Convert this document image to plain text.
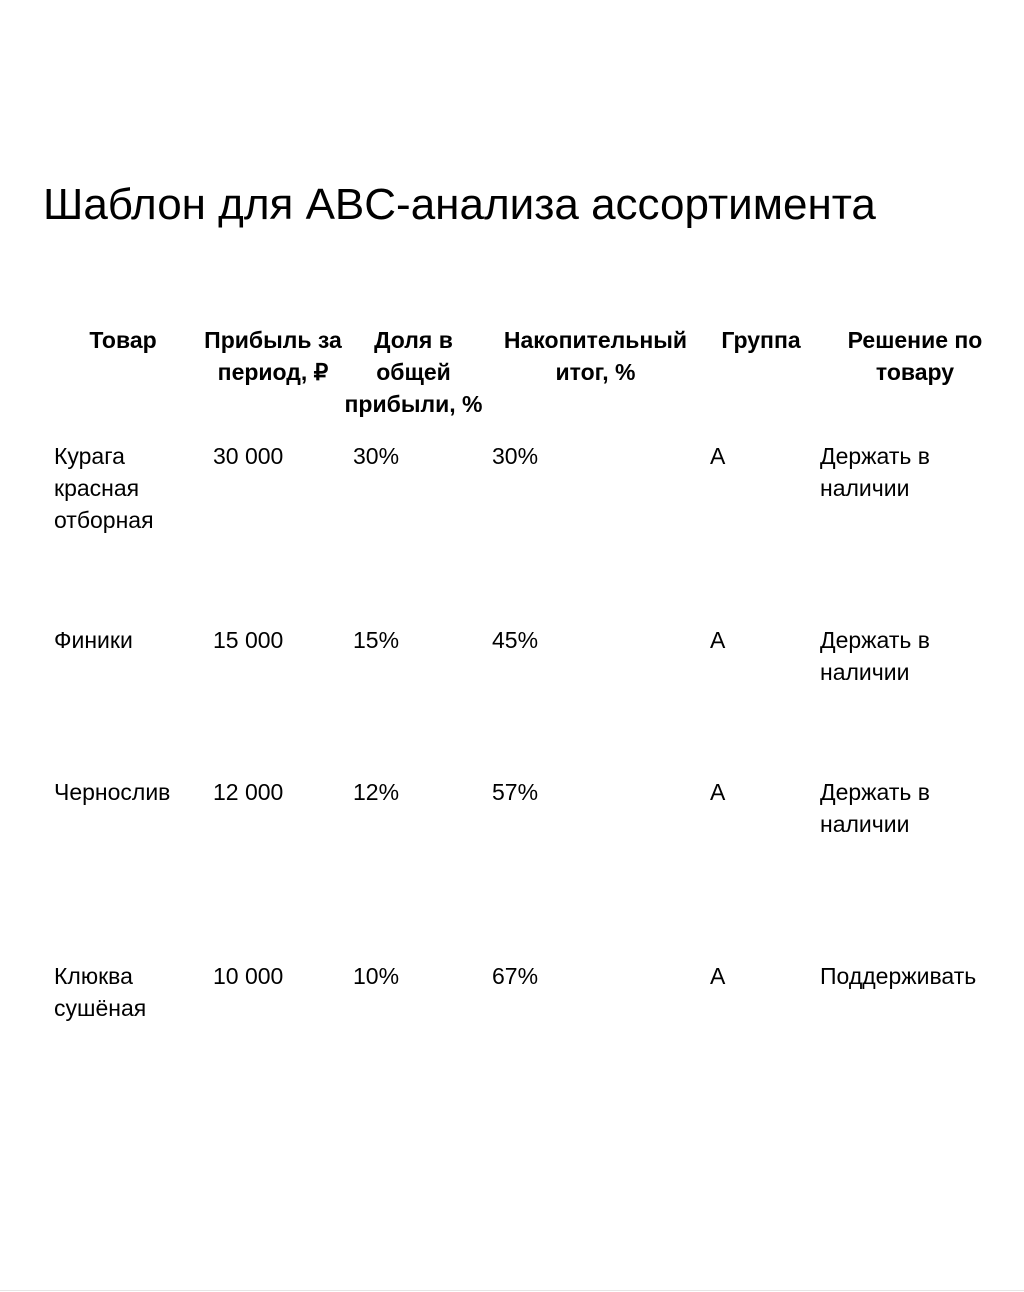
Шаблон для ABC-анализа ассортимента
Товар	Прибыль за период, ₽	Доля в общей прибыли, %	Накопительный итог, %	Группа	Решение по товару
Курага красная отборная	30 000	30%	30%	A	Держать в наличии
Финики	15 000	15%	45%	A	Держать в наличии
Чернослив	12 000	12%	57%	A	Держать в наличии
Клюква сушёная	10 000	10%	67%	A	Поддерживать
